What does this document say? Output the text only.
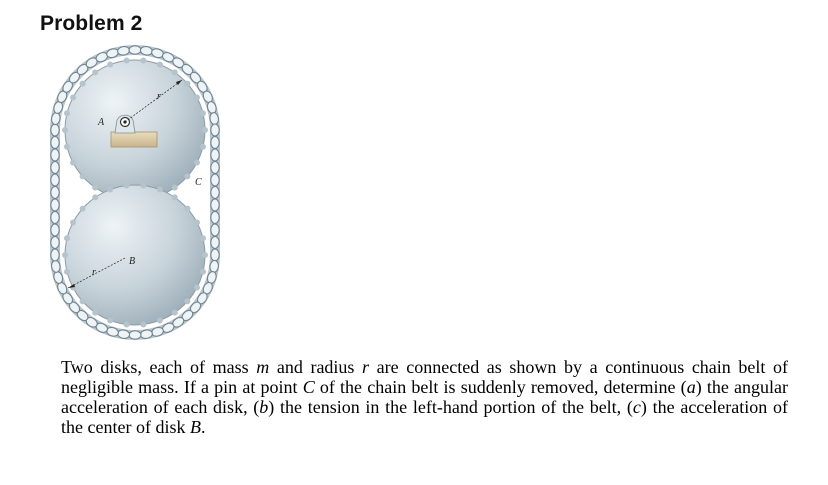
Problem 2
A
r
C
B
r

Two disks, each of mass m and radius r are connected as shown by a continuous chain belt of negligible mass. If a pin at point C of the chain belt is suddenly removed, determine (a) the angular acceleration of each disk, (b) the tension in the left-hand portion of the belt, (c) the acceleration of the center of disk B.
